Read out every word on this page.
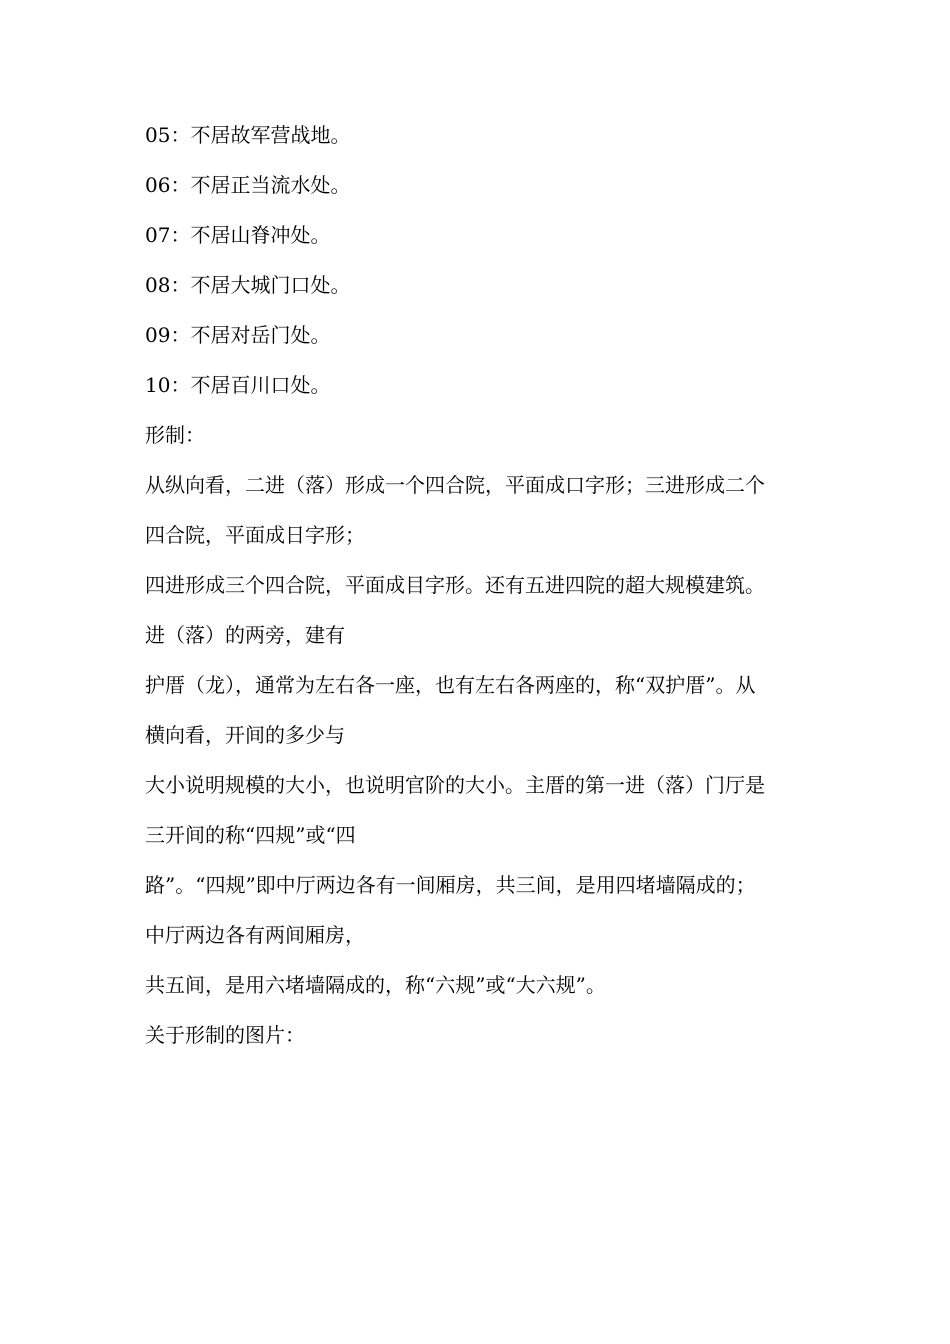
05：不居故军营战地。
06：不居正当流水处。
07：不居山脊冲处。
08：不居大城门口处。
09：不居对岳门处。
10：不居百川口处。
形制：
从纵向看，二进（落）形成一个四合院，平面成口字形；三进形成二个
四合院，平面成日字形；
四进形成三个四合院，平面成目字形。还有五进四院的超大规模建筑。
进（落）的两旁，建有
护厝（龙），通常为左右各一座，也有左右各两座的，称“双护厝”。从
横向看，开间的多少与
大小说明规模的大小，也说明官阶的大小。主厝的第一进（落）门厅是
三开间的称“四规”或“四
路”。“四规”即中厅两边各有一间厢房，共三间，是用四堵墙隔成的；
中厅两边各有两间厢房，
共五间，是用六堵墙隔成的，称“六规”或“大六规”。
关于形制的图片：
